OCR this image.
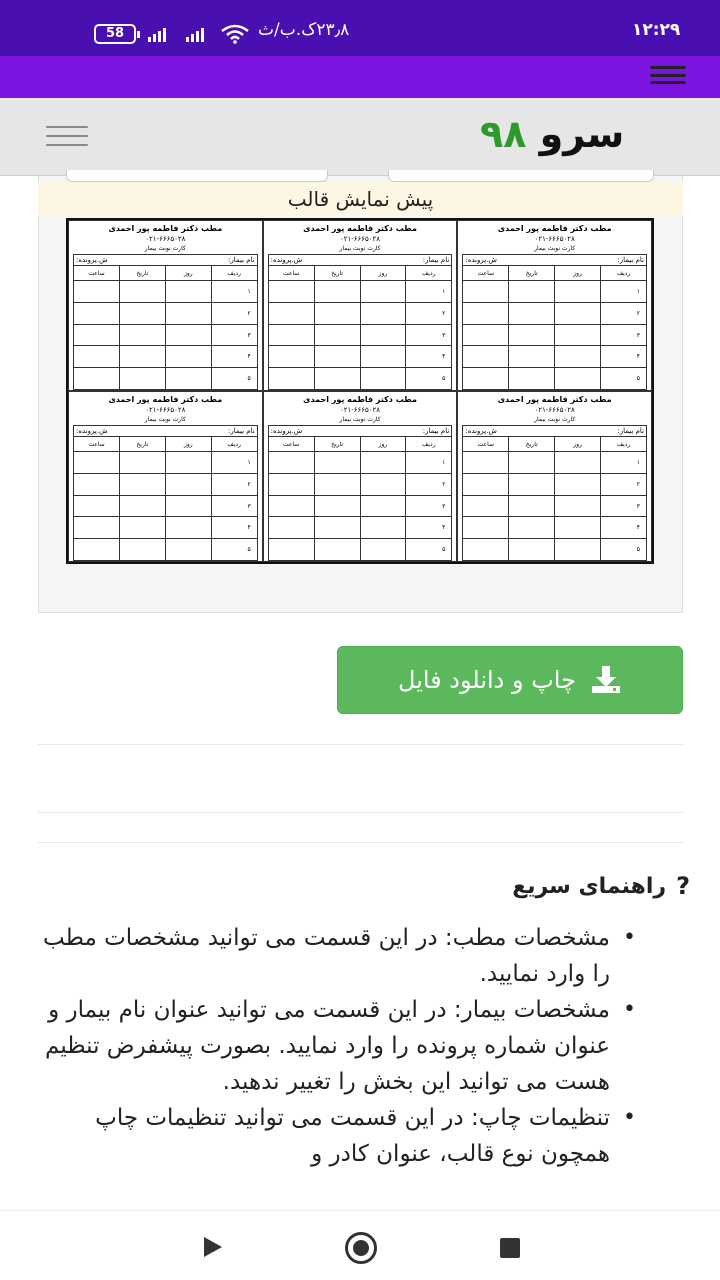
58	۲۳٫۸ک.ب/ث	۱۲:۲۹
سرو ۹۸
پیش نمایش قالب
مطب دکتر فاطمه پور احمدی
۰۲۱-۶۶۶۵۰۲۸
کارت نوبت بیمار
نام بیمار:
ش.پرونده:
ردیف	روز	تاریخ	ساعت
۱			
۲			
۳			
۴			
۵			
مطب دکتر فاطمه پور احمدی
۰۲۱-۶۶۶۵۰۲۸
کارت نوبت بیمار
نام بیمار:
ش.پرونده:
ردیف	روز	تاریخ	ساعت
۱			
۲			
۳			
۴			
۵			
مطب دکتر فاطمه پور احمدی
۰۲۱-۶۶۶۵۰۲۸
کارت نوبت بیمار
نام بیمار:
ش.پرونده:
ردیف	روز	تاریخ	ساعت
۱			
۲			
۳			
۴			
۵			
مطب دکتر فاطمه پور احمدی
۰۲۱-۶۶۶۵۰۲۸
کارت نوبت بیمار
نام بیمار:
ش.پرونده:
ردیف	روز	تاریخ	ساعت
۱			
۲			
۳			
۴			
۵			
مطب دکتر فاطمه پور احمدی
۰۲۱-۶۶۶۵۰۲۸
کارت نوبت بیمار
نام بیمار:
ش.پرونده:
ردیف	روز	تاریخ	ساعت
۱			
۲			
۳			
۴			
۵			
مطب دکتر فاطمه پور احمدی
۰۲۱-۶۶۶۵۰۲۸
کارت نوبت بیمار
نام بیمار:
ش.پرونده:
ردیف	روز	تاریخ	ساعت
۱			
۲			
۳			
۴			
۵			
چاپ و دانلود فایل
?
راهنمای سریع
• مشخصات مطب: در این قسمت می توانید مشخصات مطب را وارد نمایید.
• مشخصات بیمار: در این قسمت می توانید عنوان نام بیمار و عنوان شماره پرونده را وارد نمایید. بصورت پیشفرض تنظیم هست می توانید این بخش را تغییر ندهید.
• تنظیمات چاپ: در این قسمت می توانید تنظیمات چاپ همچون نوع قالب، عنوان کادر و
